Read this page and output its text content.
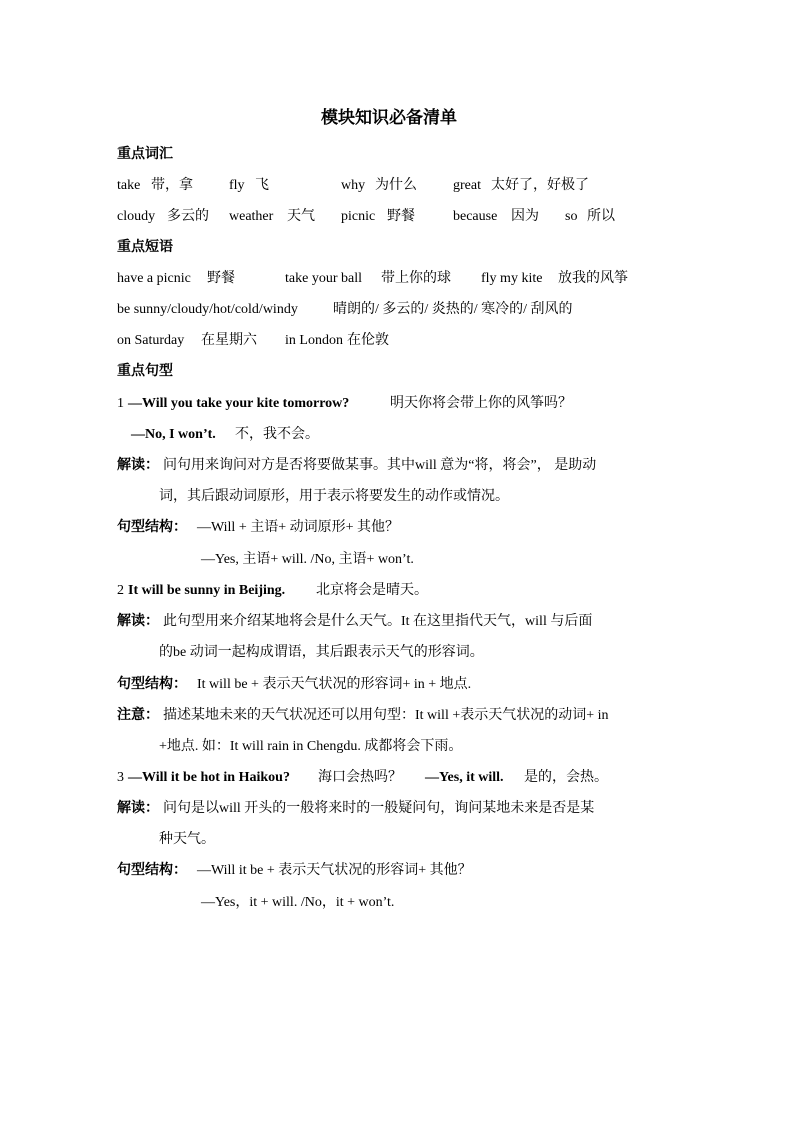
模块知识必备清单
重点词汇
take 带，拿	fly 飞	why 为什么	great 太好了，好极了
cloudy 多云的 weather 天气 picnic 野餐	because 因为 so 所以
重点短语
have a picnic 野餐	take your ball 带上你的球 fly my kite 放我的风筝
be sunny/cloudy/hot/cold/windy	晴朗的/ 多云的/ 炎热的/ 寒冷的/ 刮风的
on Saturday 在星期六 in London 在伦敦
重点句型
1 —Will you take your kite tomorrow?	明天你将会带上你的风筝吗？
—No, I won’t. 不，我不会。
解读： 问句用来询问对方是否将要做某事。其中will 意为“将，将会”， 是助动
词，其后跟动词原形，用于表示将要发生的动作或情况。
句型结构： —Will + 主语+ 动词原形+ 其他？
—Yes, 主语+ will. /No, 主语+ won’t.
2 It will be sunny in Beijing. 北京将会是晴天。
解读： 此句型用来介绍某地将会是什么天气。It 在这里指代天气，will 与后面
的be 动词一起构成谓语，其后跟表示天气的形容词。
句型结构： It will be + 表示天气状况的形容词+ in + 地点.
注意： 描述某地未来的天气状况还可以用句型：It will +表示天气状况的动词+ in
+地点. 如：It will rain in Chengdu. 成都将会下雨。
3 —Will it be hot in Haikou? 海口会热吗？ —Yes, it will. 是的，会热。
解读： 问句是以will 开头的一般将来时的一般疑问句，询问某地未来是否是某
种天气。
句型结构： —Will it be + 表示天气状况的形容词+ 其他？
—Yes，it + will. /No，it + won’t.
